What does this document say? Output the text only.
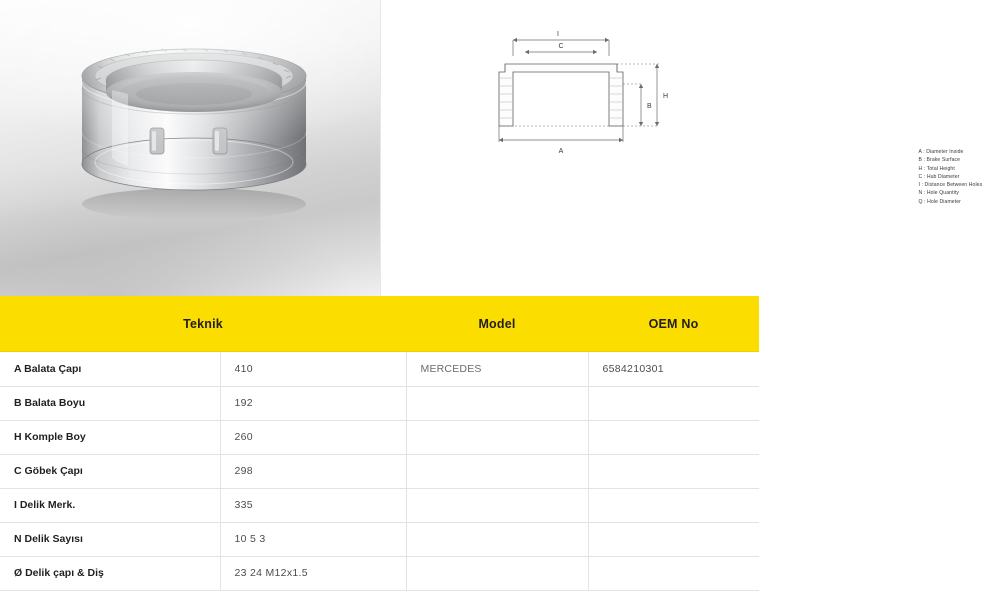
I
C
A
B
H
A : Diameter Inside
B : Brake Surface
H : Total Height
C : Hub Diameter
I : Distance Between Holes
N : Hole Quantity
Q : Hole Diameter
Teknik	Model	OEM No
A Balata Çapı	410	MERCEDES	6584210301
B Balata Boyu	192		
H Komple Boy	260		
C Göbek Çapı	298		
I Delik Merk.	335		
N Delik Sayısı	10 5 3		
Ø Delik çapı & Diş	23 24 M12x1.5		
